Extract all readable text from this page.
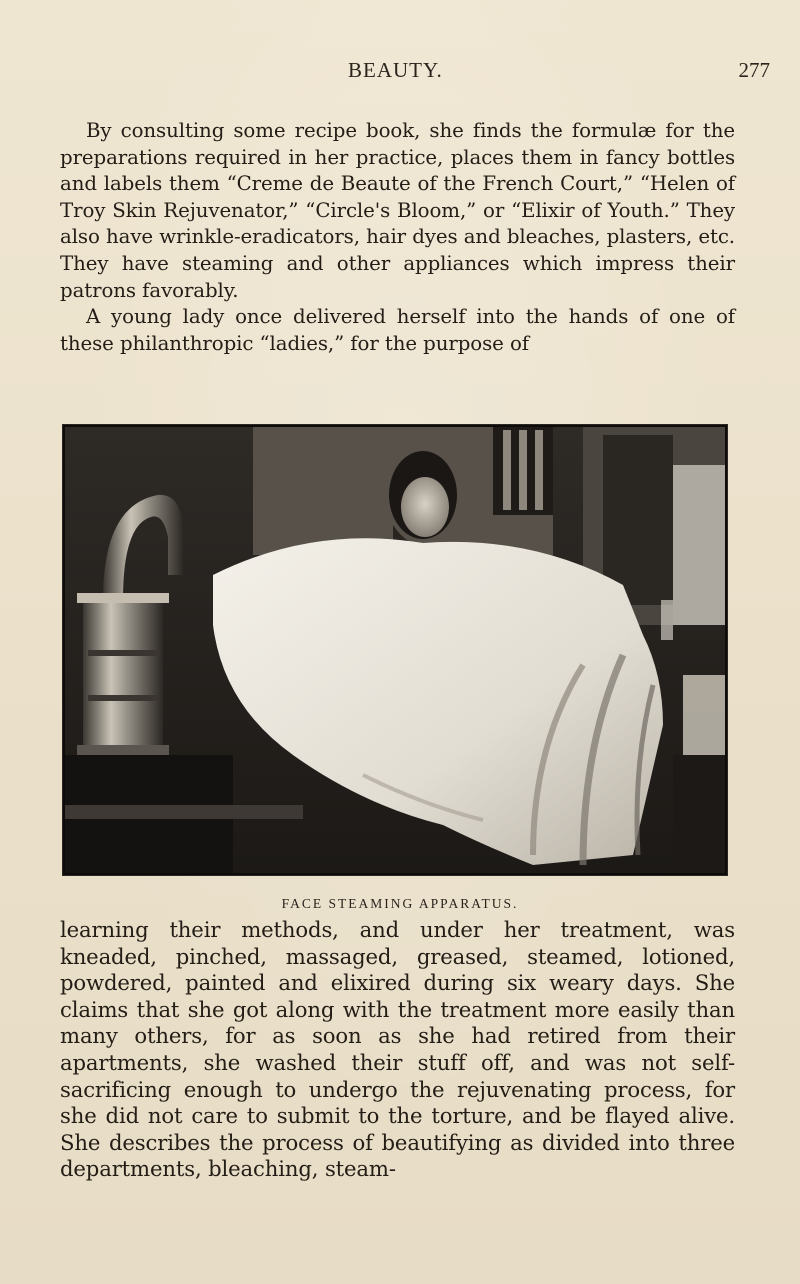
BEAUTY.	277

By consulting some recipe book, she finds the formulæ for the preparations required in her practice, places them in fancy bottles and labels them “Creme de Beaute of the French Court,” “Helen of Troy Skin Rejuvenator,” “Circle's Bloom,” or “Elixir of Youth.” They also have wrinkle-eradicators, hair dyes and bleaches, plasters, etc. They have steaming and other appliances which impress their patrons favorably.

A young lady once delivered herself into the hands of one of these philanthropic “ladies,” for the purpose of

FACE STEAMING APPARATUS.

learning their methods, and under her treatment, was kneaded, pinched, massaged, greased, steamed, lotioned, powdered, painted and elixired during six weary days. She claims that she got along with the treatment more easily than many others, for as soon as she had retired from their apartments, she washed their stuff off, and was not self-sacrificing enough to undergo the rejuvenating process, for she did not care to submit to the torture, and be flayed alive. She describes the process of beautifying as divided into three departments, bleaching, steam-
